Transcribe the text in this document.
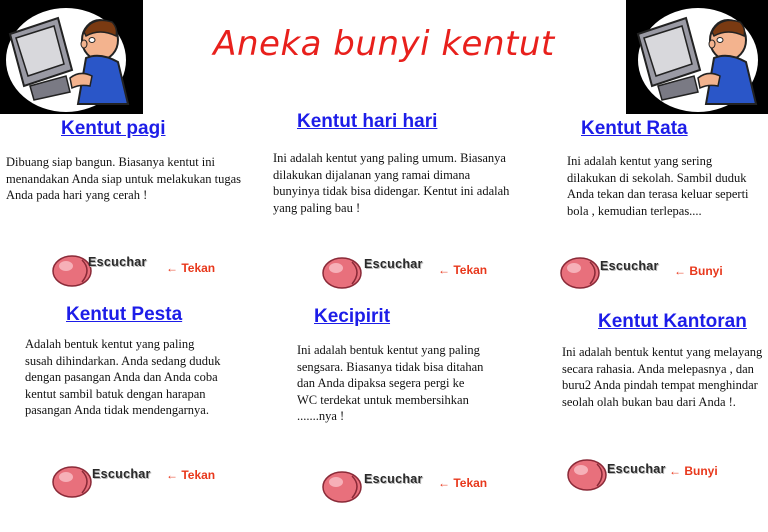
Aneka bunyi kentut
Kentut pagi

Dibuang siap bangun. Biasanya kentut ini menandakan Anda siap untuk melakukan tugas Anda pada hari yang cerah !

Escuchar ← Tekan
Kentut hari hari

Ini adalah kentut yang paling umum. Biasanya dilakukan dijalanan yang ramai dimana bunyinya tidak bisa didengar. Kentut ini adalah yang paling bau !

Escuchar ← Tekan
Kentut Rata

Ini adalah kentut yang sering dilakukan di sekolah. Sambil duduk Anda tekan dan terasa keluar seperti bola , kemudian terlepas....

Escuchar ← Bunyi
Kentut Pesta

Adalah bentuk kentut yang paling susah dihindarkan. Anda sedang duduk dengan pasangan Anda dan Anda coba kentut sambil batuk dengan harapan pasangan Anda tidak mendengarnya.

Escuchar ← Tekan
Kecipirit

Ini adalah bentuk kentut yang paling sengsara. Biasanya tidak bisa ditahan dan Anda dipaksa segera pergi ke WC terdekat untuk membersihkan .......nya !

Escuchar ← Tekan
Kentut Kantoran

Ini adalah bentuk kentut yang melayang secara rahasia. Anda melepasnya , dan buru2 Anda pindah tempat menghindar seolah olah bukan bau dari Anda !.

Escuchar ← Bunyi
